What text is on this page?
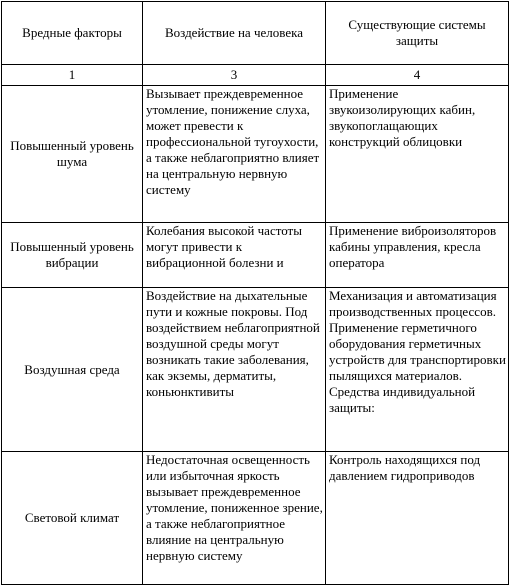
Вредные факторы	Воздействие на человека	Существующие системы защиты

1	3	4

Повышенный уровень шума	Вызывает преждевременное утомление, понижение слуха, может превести к профессиональной тугоухости, а также неблагоприятно влияет на центральную нервную систему	Применение звукоизолирующих кабин, звукопоглащающих конструкций облицовки

Повышенный уровень вибрации	Колебания высокой частоты могут привести к вибрационной болезни и	Применение виброизоляторов кабины управления, кресла оператора

Воздушная среда	Воздействие на дыхательные пути и кожные покровы. Под воздействием неблагоприятной воздушной среды могут возникать такие заболевания, как экземы, дерматиты, коньюнктивиты	Механизация и автоматизация производственных процессов. Применение герметичного оборудования герметичных устройств для транспортировки пылящихся материалов. Средства индивидуальной защиты:

Световой климат	Недостаточная освещенность или избыточная яркость вызывает преждевременное утомление, пониженное зрение, а также неблагоприятное влияние на центральную нервную систему	Контроль находящихся под давлением гидроприводов
